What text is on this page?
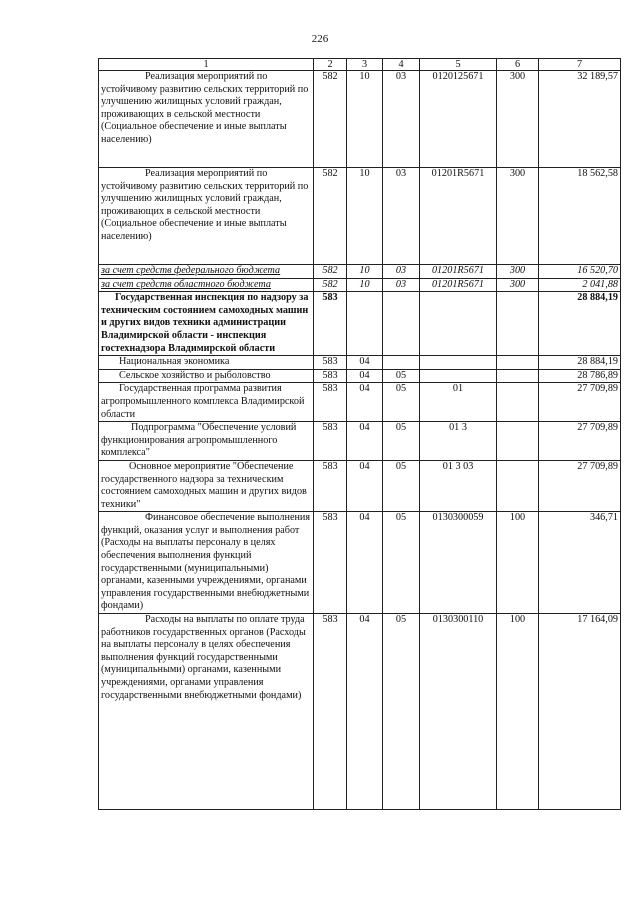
226
1	2	3	4	5	6	7
Реализация мероприятий по устойчивому развитию сельских территорий по улучшению жилищных условий граждан, проживающих в сельской местности (Социальное обеспечение и иные выплаты населению)	582	10	03	0120125671	300	32 189,57
Реализация мероприятий по устойчивому развитию сельских территорий по улучшению жилищных условий граждан, проживающих в сельской местности (Социальное обеспечение и иные выплаты населению)	582	10	03	01201R5671	300	18 562,58
за счет средств федерального бюджета	582	10	03	01201R5671	300	16 520,70
за счет средств областного бюджета	582	10	03	01201R5671	300	2 041,88
Государственная инспекция по надзору за техническим состоянием самоходных машин и других видов техники администрации Владимирской области - инспекция гостехнадзора Владимирской области	583					28 884,19
Национальная экономика	583	04				28 884,19
Сельское хозяйство и рыболовство	583	04	05			28 786,89
Государственная программа развития агропромышленного комплекса Владимирской области	583	04	05	01		27 709,89
Подпрограмма "Обеспечение условий функционирования агропромышленного комплекса"	583	04	05	01 3		27 709,89
Основное мероприятие "Обеспечение государственного надзора за техническим состоянием самоходных машин и других видов техники"	583	04	05	01 3 03		27 709,89
Финансовое обеспечение выполнения функций, оказания услуг и выполнения работ (Расходы на выплаты персоналу в целях обеспечения выполнения функций государственными (муниципальными) органами, казенными учреждениями, органами управления государственными внебюджетными фондами)	583	04	05	0130300059	100	346,71
Расходы на выплаты по оплате труда работников государственных органов (Расходы на выплаты персоналу в целях обеспечения выполнения функций государственными (муниципальными) органами, казенными учреждениями, органами управления государственными внебюджетными фондами)	583	04	05	0130300110	100	17 164,09
